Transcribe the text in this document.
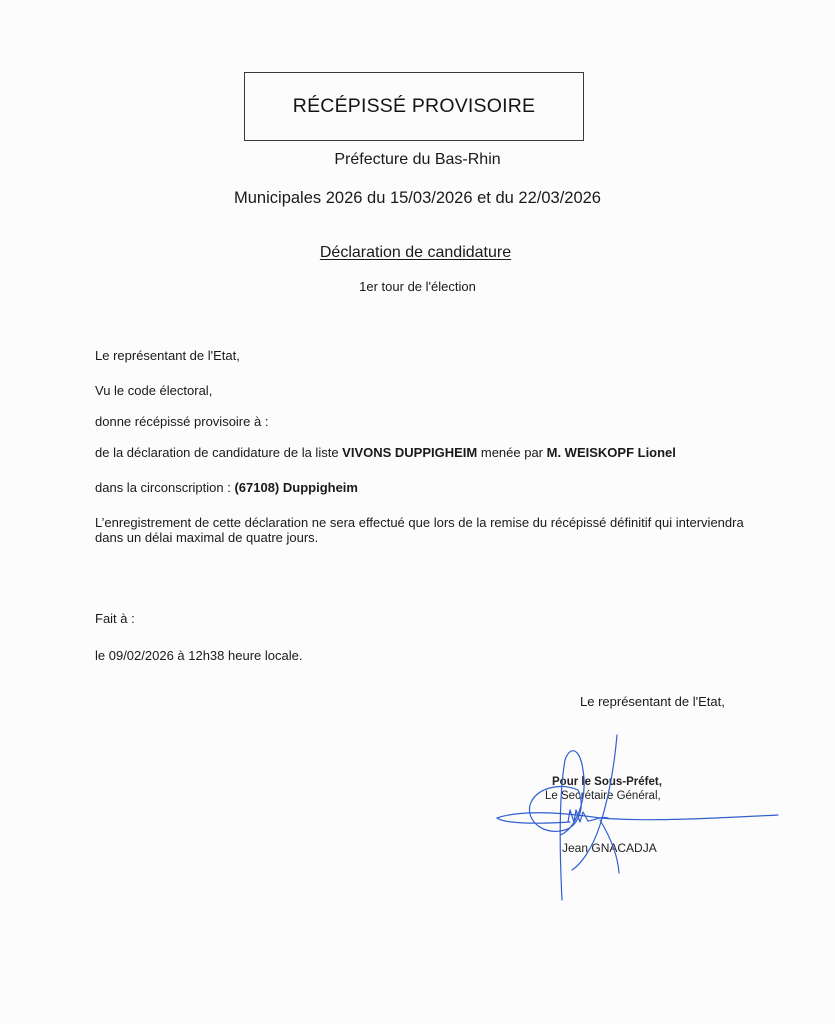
RÉCÉPISSÉ PROVISOIRE
Préfecture du Bas-Rhin
Municipales 2026 du 15/03/2026 et du 22/03/2026
Déclaration de candidature
1er tour de l'élection
Le représentant de l'Etat,
Vu le code électoral,
donne récépissé provisoire à :
de la déclaration de candidature de la liste VIVONS DUPPIGHEIM menée par M. WEISKOPF Lionel
dans la circonscription : (67108) Duppigheim
L’enregistrement de cette déclaration ne sera effectué que lors de la remise du récépissé définitif qui interviendra dans un délai maximal de quatre jours.
Fait à :
le 09/02/2026 à 12h38 heure locale.
Le représentant de l'Etat,
Pour le Sous-Préfet,
Le Secrétaire Général,
Jean GNACADJA
